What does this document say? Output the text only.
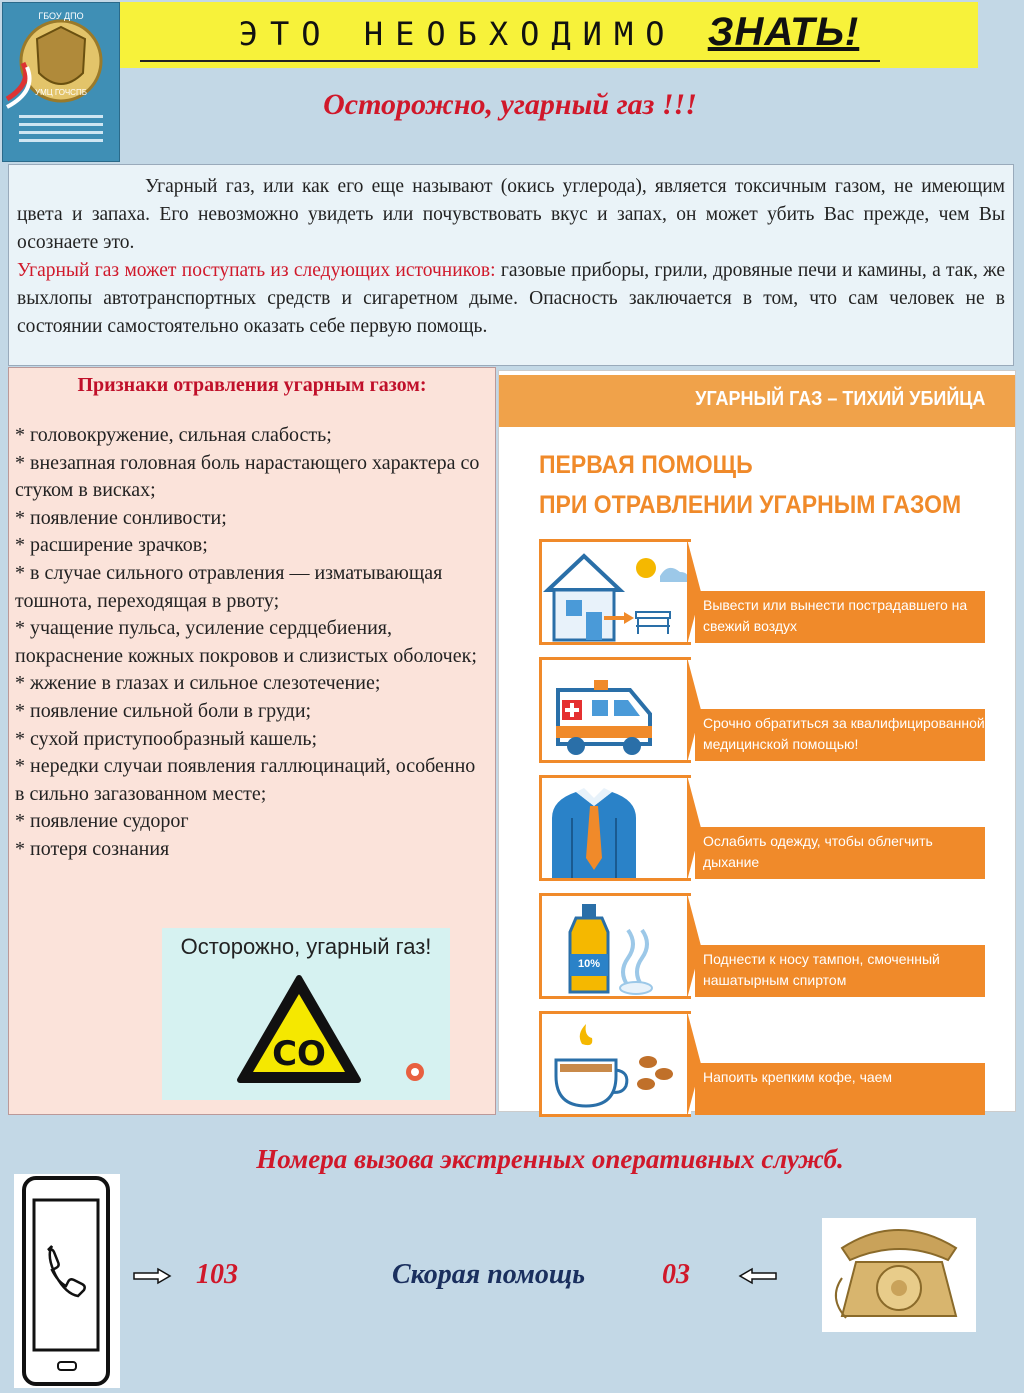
ГБОУ ДПО
УМЦ ГОЧСПБ
ЭТО НЕОБХОДИМО ЗНАТЬ!
Осторожно, угарный газ !!!

Угарный газ, или как его еще называют (окись углерода), является токсичным газом, не имеющим цвета и запаха. Его невозможно увидеть или почувствовать вкус и запах, он может убить Вас прежде, чем Вы осознаете это.

Угарный газ может поступать из следующих источников: газовые приборы, грили, дровяные печи и камины, а так, же выхлопы автотранспортных средств и сигаретном дыме. Опасность заключается в том, что сам человек не в состоянии самостоятельно оказать себе первую помощь.

Признаки отравления угарным газом:
* головокружение, сильная слабость;
* внезапная головная боль нарастающего характера со стуком в висках;
* появление сонливости;
* расширение зрачков;
* в случае сильного отравления — изматывающая тошнота, переходящая в рвоту;
* учащение пульса, усиление сердцебиения, покраснение кожных покровов и слизистых оболочек;
* жжение в глазах и сильное слезотечение;
* появление сильной боли в груди;
* сухой приступообразный кашель;
* нередки случаи появления галлюцинаций, особенно в сильно загазованном месте;
* появление судорог
* потеря сознания
Осторожно, угарный газ!
CO
УГАРНЫЙ ГАЗ – ТИХИЙ УБИЙЦА
ПЕРВАЯ ПОМОЩЬ
ПРИ ОТРАВЛЕНИИ УГАРНЫМ ГАЗОМ
Вывести или вынести пострадавшего на свежий воздух
Срочно обратиться за квалифицированной медицинской помощью!
Ослабить одежду, чтобы облегчить дыхание
10%	Поднести к носу тампон, смоченный нашатырным спиртом
Напоить крепким кофе, чаем
Номера вызова экстренных оперативных служб.
103	Скорая помощь	03
